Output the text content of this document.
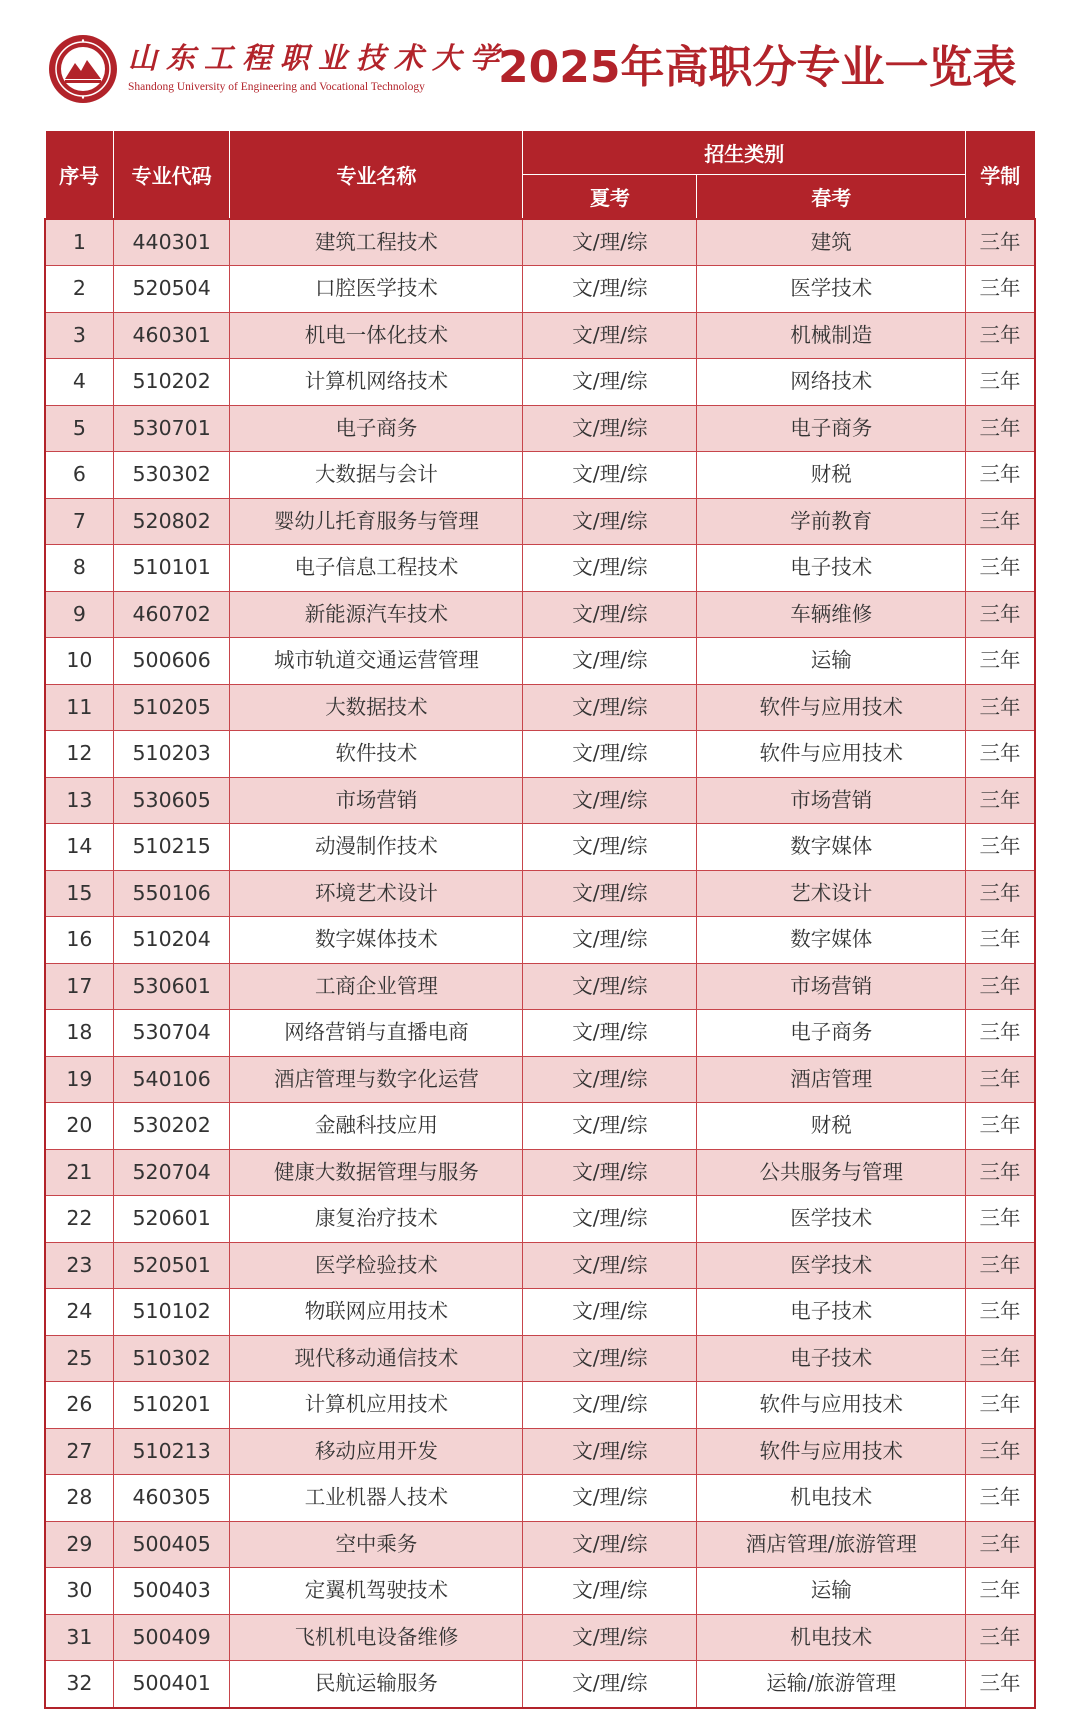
山东工程职业技术大学
Shandong University of Engineering and Vocational Technology	2025年高职分专业一览表
序号	专业代码	专业名称	招生类别		学制
			夏考	春考	
1	440301	建筑工程技术	文/理/综	建筑	三年
2	520504	口腔医学技术	文/理/综	医学技术	三年
3	460301	机电一体化技术	文/理/综	机械制造	三年
4	510202	计算机网络技术	文/理/综	网络技术	三年
5	530701	电子商务	文/理/综	电子商务	三年
6	530302	大数据与会计	文/理/综	财税	三年
7	520802	婴幼儿托育服务与管理	文/理/综	学前教育	三年
8	510101	电子信息工程技术	文/理/综	电子技术	三年
9	460702	新能源汽车技术	文/理/综	车辆维修	三年
10	500606	城市轨道交通运营管理	文/理/综	运输	三年
11	510205	大数据技术	文/理/综	软件与应用技术	三年
12	510203	软件技术	文/理/综	软件与应用技术	三年
13	530605	市场营销	文/理/综	市场营销	三年
14	510215	动漫制作技术	文/理/综	数字媒体	三年
15	550106	环境艺术设计	文/理/综	艺术设计	三年
16	510204	数字媒体技术	文/理/综	数字媒体	三年
17	530601	工商企业管理	文/理/综	市场营销	三年
18	530704	网络营销与直播电商	文/理/综	电子商务	三年
19	540106	酒店管理与数字化运营	文/理/综	酒店管理	三年
20	530202	金融科技应用	文/理/综	财税	三年
21	520704	健康大数据管理与服务	文/理/综	公共服务与管理	三年
22	520601	康复治疗技术	文/理/综	医学技术	三年
23	520501	医学检验技术	文/理/综	医学技术	三年
24	510102	物联网应用技术	文/理/综	电子技术	三年
25	510302	现代移动通信技术	文/理/综	电子技术	三年
26	510201	计算机应用技术	文/理/综	软件与应用技术	三年
27	510213	移动应用开发	文/理/综	软件与应用技术	三年
28	460305	工业机器人技术	文/理/综	机电技术	三年
29	500405	空中乘务	文/理/综	酒店管理/旅游管理	三年
30	500403	定翼机驾驶技术	文/理/综	运输	三年
31	500409	飞机机电设备维修	文/理/综	机电技术	三年
32	500401	民航运输服务	文/理/综	运输/旅游管理	三年
